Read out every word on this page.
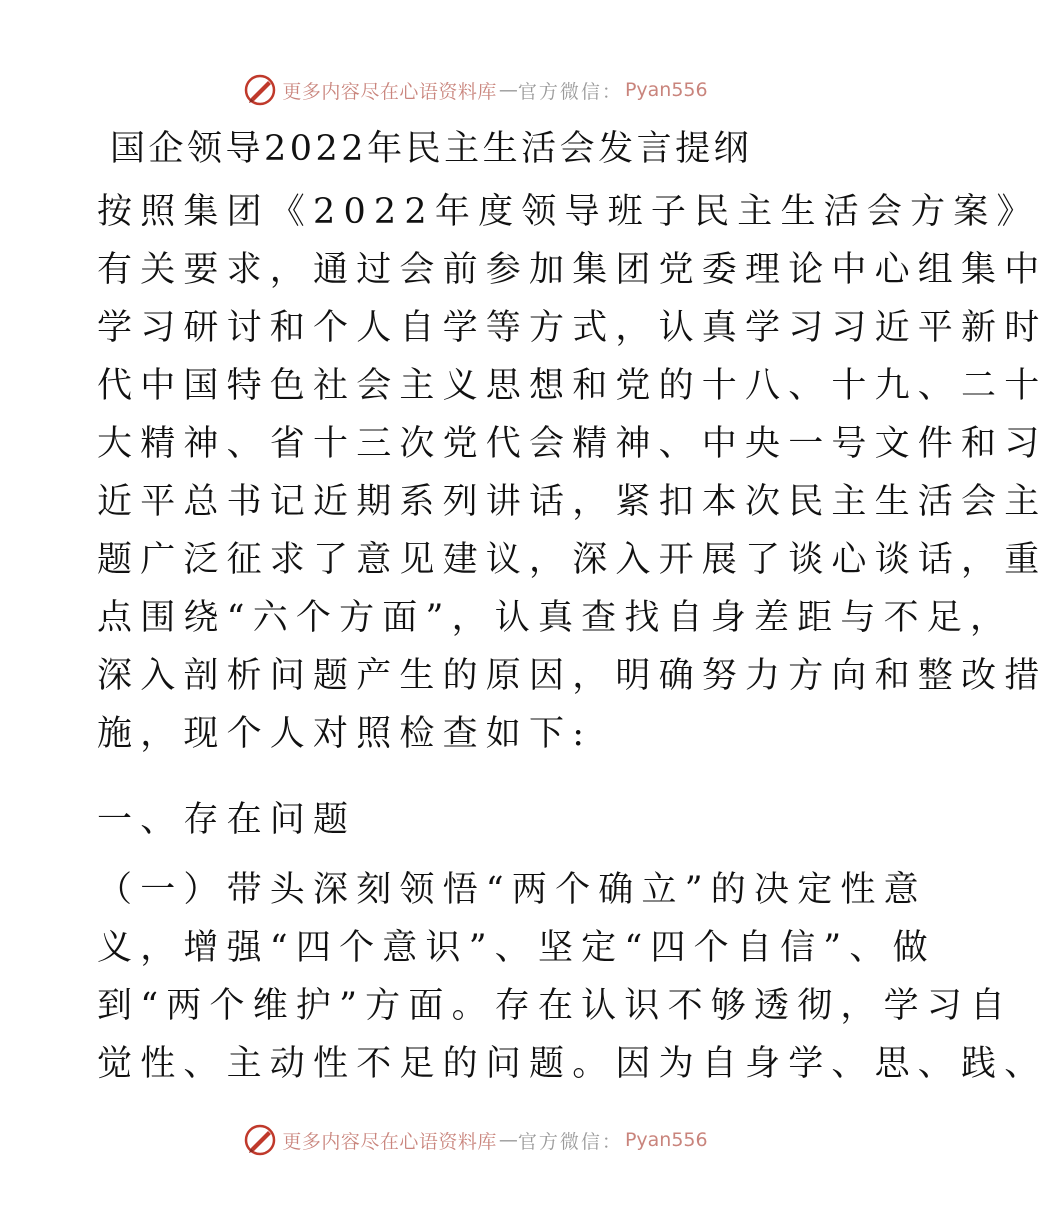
更多内容尽在心语资料库 — 官方微信： Pyan556
国企领导2022年民主生活会发言提纲
按照集团《2022年度领导班子民主生活会方案》
有关要求，通过会前参加集团党委理论中心组集中
学习研讨和个人自学等方式，认真学习习近平新时
代中国特色社会主义思想和党的十八、十九、二十
大精神、省十三次党代会精神、中央一号文件和习
近平总书记近期系列讲话，紧扣本次民主生活会主
题广泛征求了意见建议，深入开展了谈心谈话，重
点围绕“六个方面”，认真查找自身差距与不足，
深入剖析问题产生的原因，明确努力方向和整改措
施，现个人对照检查如下:
一、存在问题
（一）带头深刻领悟“两个确立”的决定性意
义，增强“四个意识”、坚定“四个自信”、做
到“两个维护”方面。存在认识不够透彻，学习自
觉性、主动性不足的问题。因为自身学、思、践、
更多内容尽在心语资料库 — 官方微信： Pyan556
